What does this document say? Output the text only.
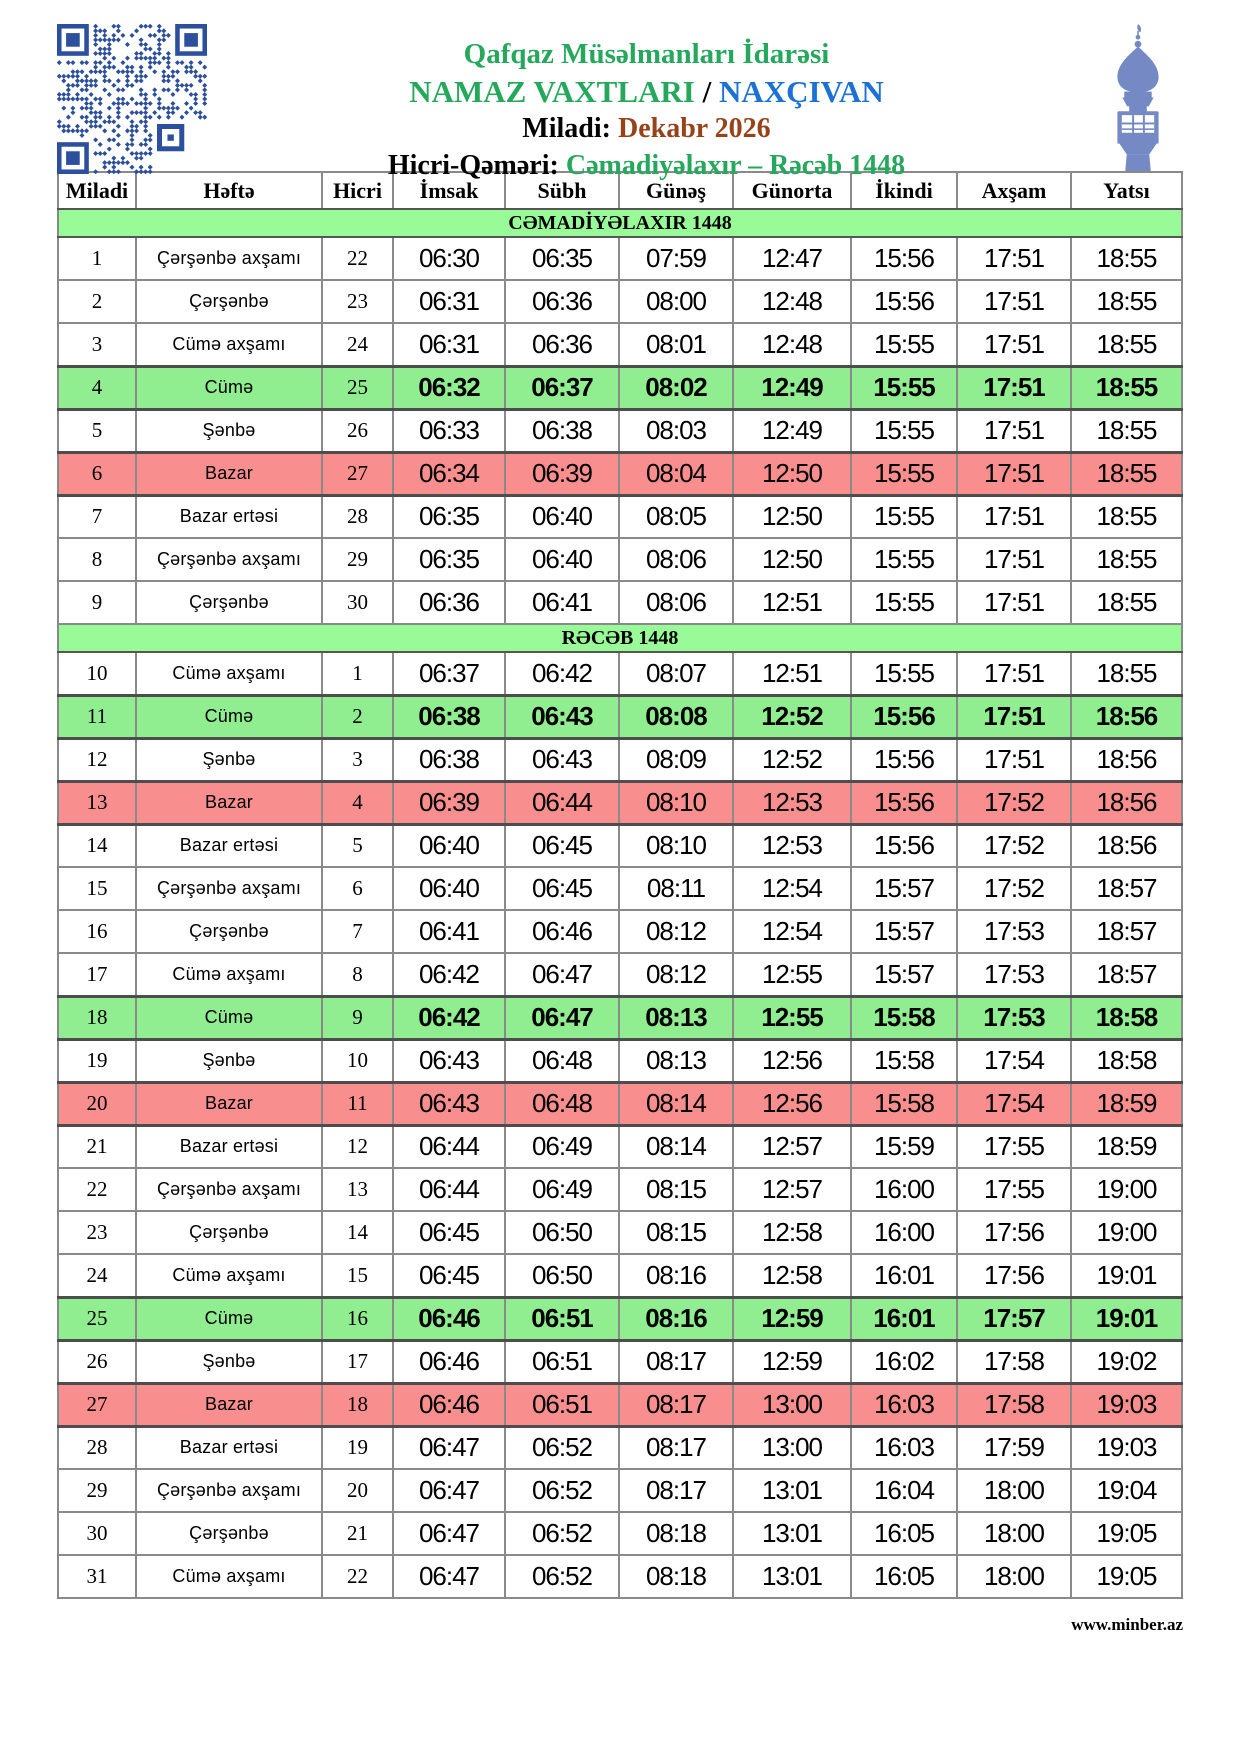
Qafqaz Müsəlmanları İdarəsi
NAMAZ VAXTLARI / NAXÇIVAN
Miladi: Dekabr 2026
Hicri-Qəməri: Cəmadiyəlaxır – Rəcəb 1448
Miladi	Həftə	Hicri	İmsak	Sübh	Günəş	Günorta	İkindi	Axşam	Yatsı
CƏMADİYƏLAXIR 1448									
1	Çərşənbə axşamı	22	06:30	06:35	07:59	12:47	15:56	17:51	18:55
2	Çərşənbə	23	06:31	06:36	08:00	12:48	15:56	17:51	18:55
3	Cümə axşamı	24	06:31	06:36	08:01	12:48	15:55	17:51	18:55
4	Cümə	25	06:32	06:37	08:02	12:49	15:55	17:51	18:55
5	Şənbə	26	06:33	06:38	08:03	12:49	15:55	17:51	18:55
6	Bazar	27	06:34	06:39	08:04	12:50	15:55	17:51	18:55
7	Bazar ertəsi	28	06:35	06:40	08:05	12:50	15:55	17:51	18:55
8	Çərşənbə axşamı	29	06:35	06:40	08:06	12:50	15:55	17:51	18:55
9	Çərşənbə	30	06:36	06:41	08:06	12:51	15:55	17:51	18:55
RƏCƏB 1448									
10	Cümə axşamı	1	06:37	06:42	08:07	12:51	15:55	17:51	18:55
11	Cümə	2	06:38	06:43	08:08	12:52	15:56	17:51	18:56
12	Şənbə	3	06:38	06:43	08:09	12:52	15:56	17:51	18:56
13	Bazar	4	06:39	06:44	08:10	12:53	15:56	17:52	18:56
14	Bazar ertəsi	5	06:40	06:45	08:10	12:53	15:56	17:52	18:56
15	Çərşənbə axşamı	6	06:40	06:45	08:11	12:54	15:57	17:52	18:57
16	Çərşənbə	7	06:41	06:46	08:12	12:54	15:57	17:53	18:57
17	Cümə axşamı	8	06:42	06:47	08:12	12:55	15:57	17:53	18:57
18	Cümə	9	06:42	06:47	08:13	12:55	15:58	17:53	18:58
19	Şənbə	10	06:43	06:48	08:13	12:56	15:58	17:54	18:58
20	Bazar	11	06:43	06:48	08:14	12:56	15:58	17:54	18:59
21	Bazar ertəsi	12	06:44	06:49	08:14	12:57	15:59	17:55	18:59
22	Çərşənbə axşamı	13	06:44	06:49	08:15	12:57	16:00	17:55	19:00
23	Çərşənbə	14	06:45	06:50	08:15	12:58	16:00	17:56	19:00
24	Cümə axşamı	15	06:45	06:50	08:16	12:58	16:01	17:56	19:01
25	Cümə	16	06:46	06:51	08:16	12:59	16:01	17:57	19:01
26	Şənbə	17	06:46	06:51	08:17	12:59	16:02	17:58	19:02
27	Bazar	18	06:46	06:51	08:17	13:00	16:03	17:58	19:03
28	Bazar ertəsi	19	06:47	06:52	08:17	13:00	16:03	17:59	19:03
29	Çərşənbə axşamı	20	06:47	06:52	08:17	13:01	16:04	18:00	19:04
30	Çərşənbə	21	06:47	06:52	08:18	13:01	16:05	18:00	19:05
31	Cümə axşamı	22	06:47	06:52	08:18	13:01	16:05	18:00	19:05
www.minber.az
